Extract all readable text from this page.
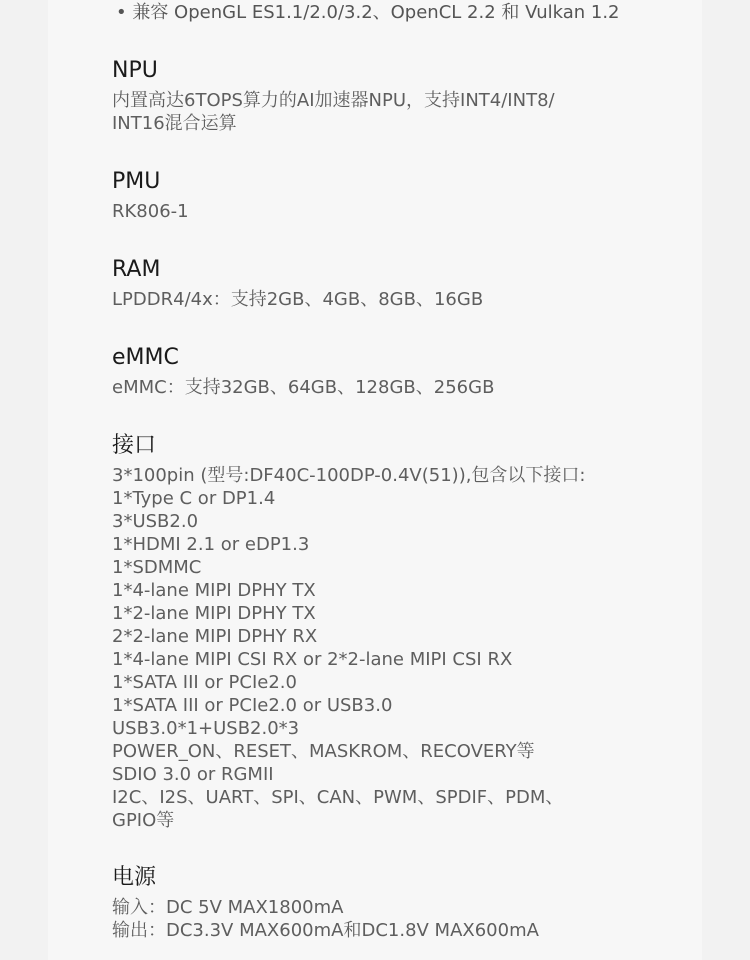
• 兼容 OpenGL ES1.1/2.0/3.2、OpenCL 2.2 和 Vulkan 1.2
NPU
内置高达6TOPS算力的AI加速器NPU，支持INT4/INT8/
INT16混合运算
PMU
RK806-1
RAM
LPDDR4/4x：支持2GB、4GB、8GB、16GB
eMMC
eMMC：支持32GB、64GB、128GB、256GB
接口
3*100pin (型号:DF40C-100DP-0.4V(51)),包含以下接口:
1*Type C or DP1.4
3*USB2.0
1*HDMI 2.1 or eDP1.3
1*SDMMC
1*4-lane MIPI DPHY TX
1*2-lane MIPI DPHY TX
2*2-lane MIPI DPHY RX
1*4-lane MIPI CSI RX or 2*2-lane MIPI CSI RX
1*SATA III or PCIe2.0
1*SATA III or PCIe2.0 or USB3.0
USB3.0*1+USB2.0*3
POWER_ON、RESET、MASKROM、RECOVERY等
SDIO 3.0 or RGMII
I2C、I2S、UART、SPI、CAN、PWM、SPDIF、PDM、
GPIO等
电源
输入：DC 5V MAX1800mA
输出：DC3.3V MAX600mA和DC1.8V MAX600mA
